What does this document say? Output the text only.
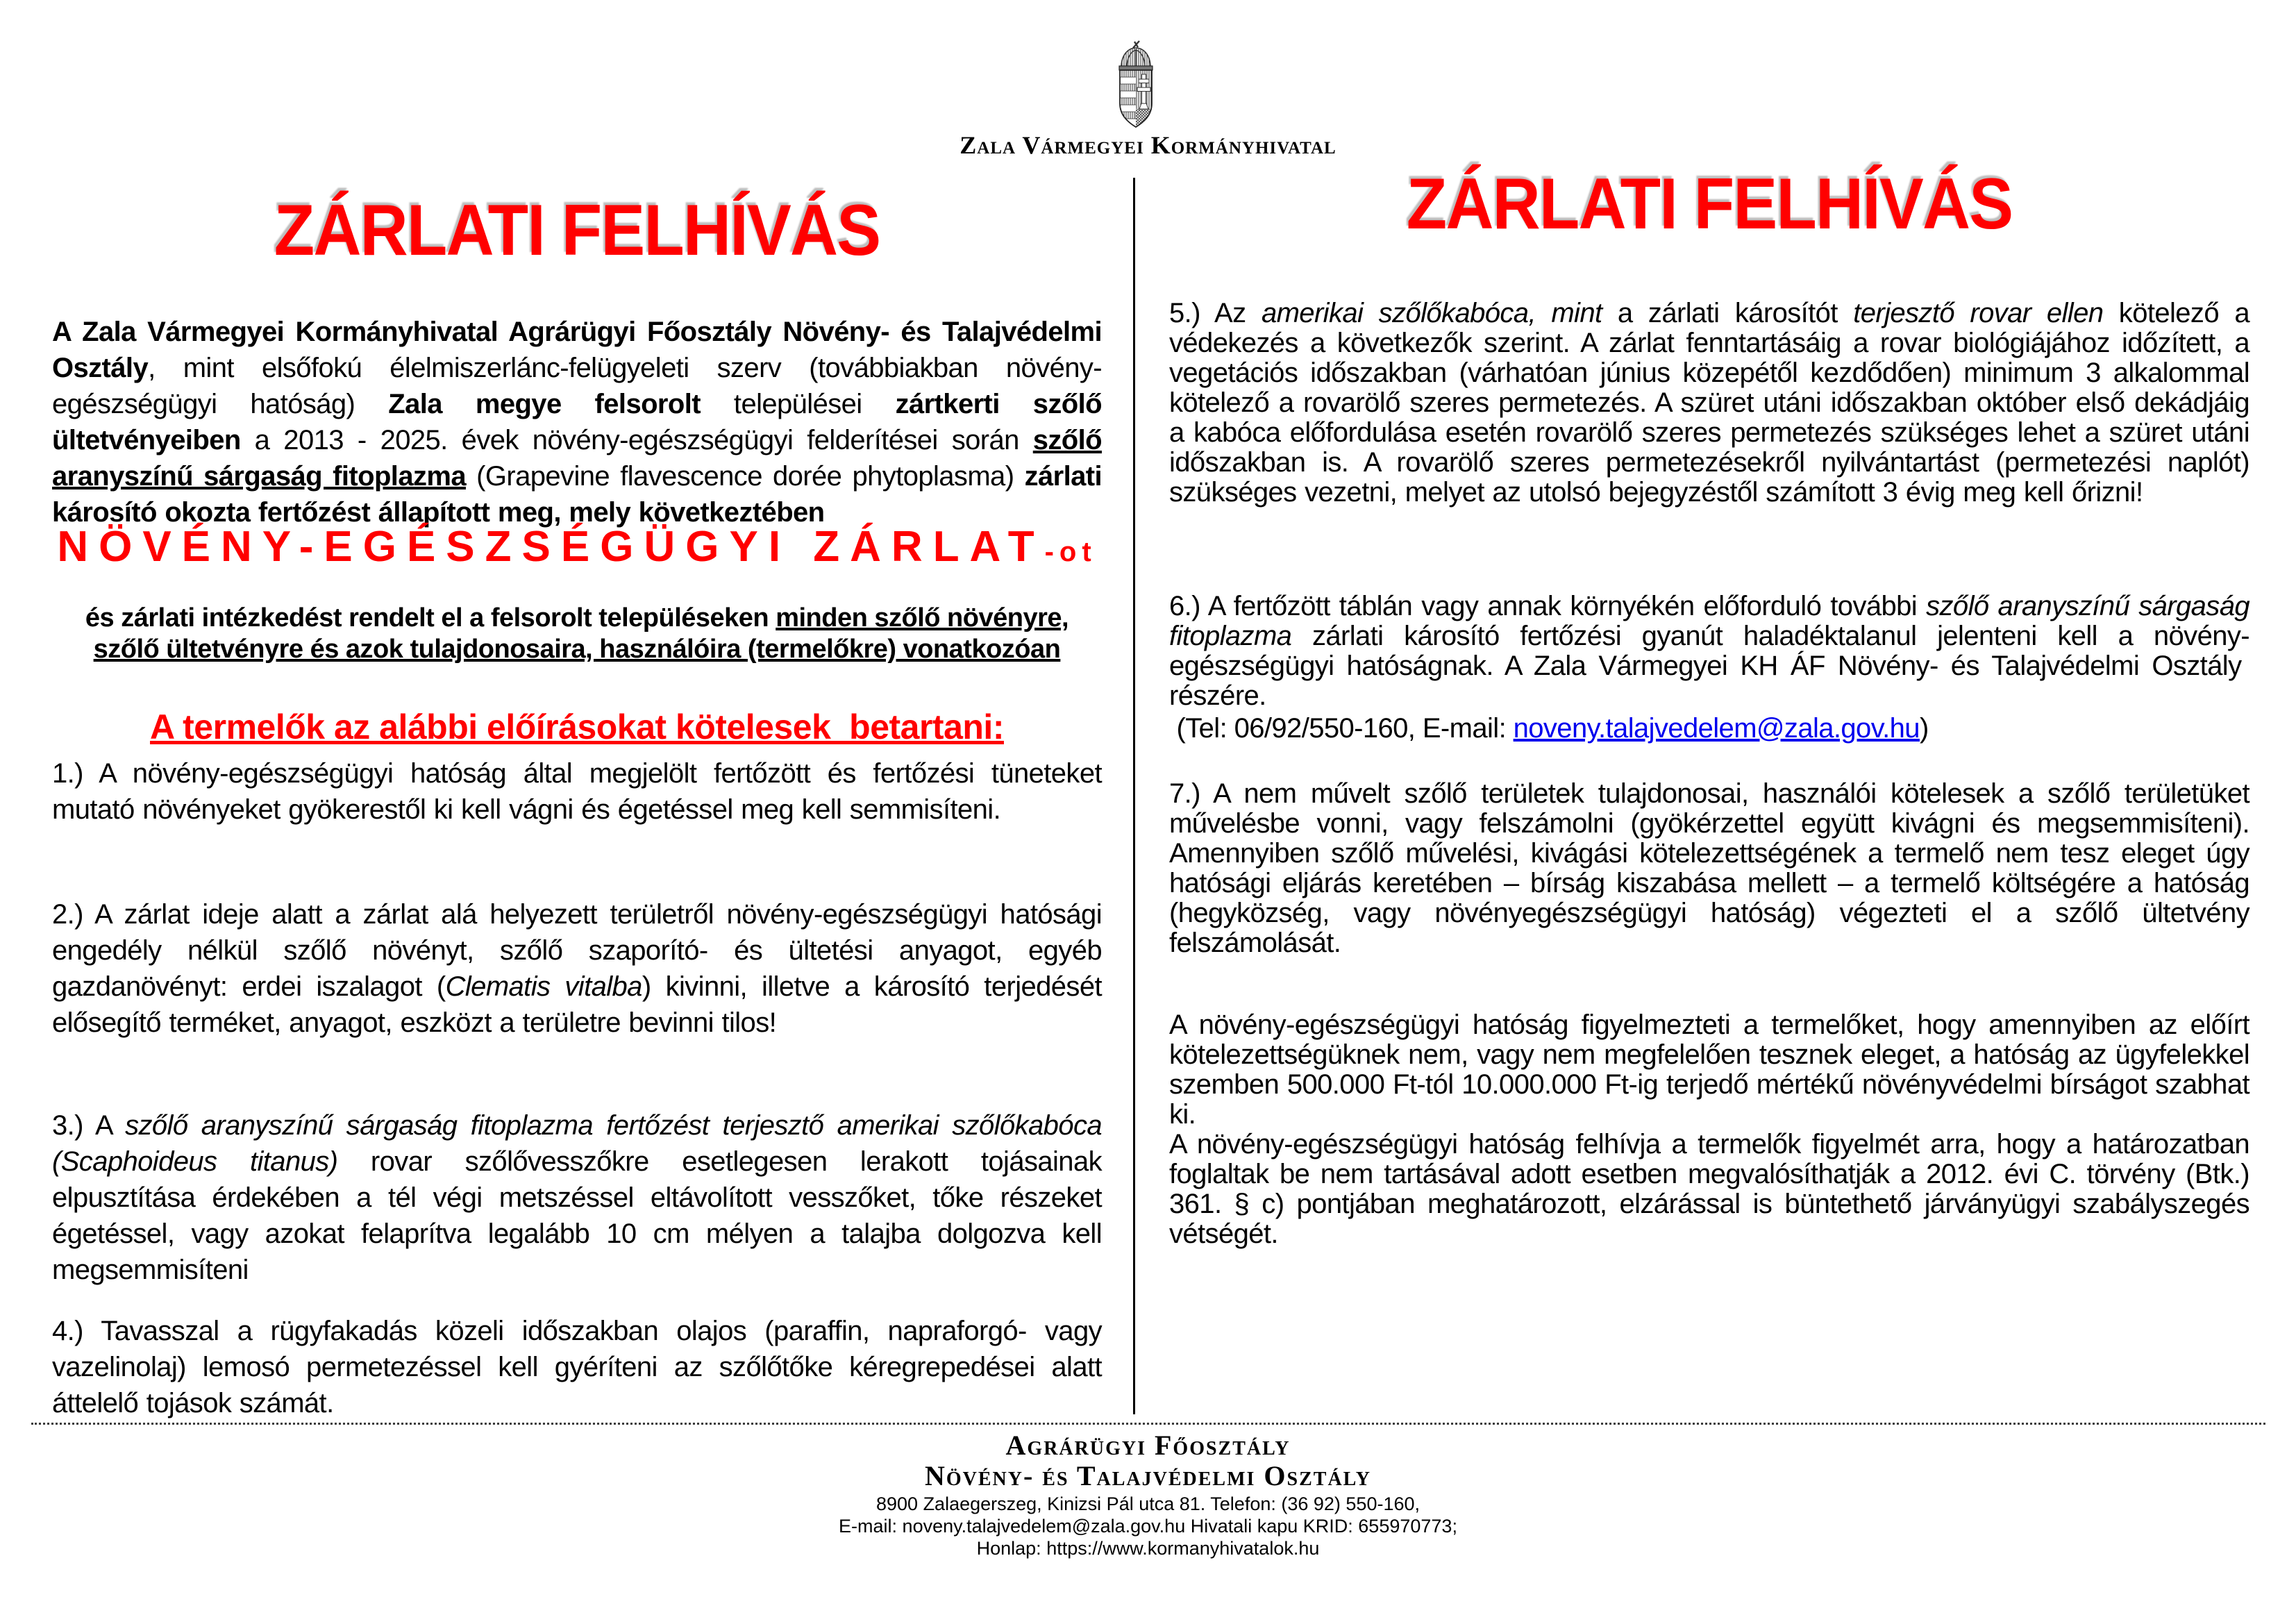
Zala Vármegyei Kormányhivatal
ZÁRLATI FELHÍVÁS
A Zala Vármegyei Kormányhivatal Agrárügyi Főosztály Növény- és Talajvédelmi Osztály, mint elsőfokú élelmiszerlánc-felügyeleti szerv (továbbiakban növény-egészségügyi hatóság) Zala megye felsorolt települései zártkerti szőlő ültetvényeiben a 2013 - 2025. évek növény-egészségügyi felderítései során szőlő aranyszínű sárgaság fitoplazma (Grapevine flavescence dorée phytoplasma) zárlati károsító okozta fertőzést állapított meg, mely következtében
NÖVÉNY-EGÉSZSÉGÜGYI ZÁRLAT-ot
és zárlati intézkedést rendelt el a felsorolt településeken minden szőlő növényre, szőlő ültetvényre és azok tulajdonosaira, használóira (termelőkre) vonatkozóan
A termelők az alábbi előírásokat kötelesek  betartani:
1.) A növény-egészségügyi hatóság által megjelölt fertőzött és fertőzési tüneteket mutató növényeket gyökerestől ki kell vágni és égetéssel meg kell semmisíteni.
2.) A zárlat ideje alatt a zárlat alá helyezett területről növény-egészségügyi hatósági engedély nélkül szőlő növényt, szőlő szaporító- és ültetési anyagot, egyéb gazdanövényt: erdei iszalagot (Clematis vitalba) kivinni, illetve a károsító terjedését elősegítő terméket, anyagot, eszközt a területre bevinni tilos!
3.) A szőlő aranyszínű sárgaság fitoplazma fertőzést terjesztő amerikai szőlőkabóca (Scaphoideus titanus) rovar szőlővesszőkre esetlegesen lerakott tojásainak elpusztítása érdekében a tél végi metszéssel eltávolított vesszőket, tőke részeket égetéssel, vagy azokat felaprítva legalább 10 cm mélyen a talajba dolgozva kell megsemmisíteni
4.) Tavasszal a rügyfakadás közeli időszakban olajos (paraffin, napraforgó- vagy vazelinolaj) lemosó permetezéssel kell gyéríteni az szőlőtőke kéregrepedései alatt áttelelő tojások számát.
ZÁRLATI FELHÍVÁS
5.) Az amerikai szőlőkabóca, mint a zárlati károsítót terjesztő rovar ellen kötelező a védekezés a következők szerint. A zárlat fenntartásáig a rovar biológiájához időzített, a vegetációs időszakban (várhatóan június közepétől kezdődően) minimum 3 alkalommal kötelező a rovarölő szeres permetezés. A szüret utáni időszakban október első dekádjáig a kabóca előfordulása esetén rovarölő szeres permetezés szükséges lehet a szüret utáni időszakban is. A rovarölő szeres permetezésekről nyilvántartást (permetezési naplót) szükséges vezetni, melyet az utolsó bejegyzéstől számított 3 évig meg kell őrizni!
6.) A fertőzött táblán vagy annak környékén előforduló további szőlő aranyszínű sárgaság fitoplazma zárlati károsító fertőzési gyanút haladéktalanul jelenteni kell a növény-egészségügyi hatóságnak. A Zala Vármegyei KH ÁF Növény- és Talajvédelmi Osztály  részére.
(Tel: 06/92/550-160, E-mail: noveny.talajvedelem@zala.gov.hu)
7.) A nem művelt szőlő területek tulajdonosai, használói kötelesek a szőlő területüket művelésbe vonni, vagy felszámolni (gyökérzettel együtt kivágni és megsemmisíteni). Amennyiben szőlő művelési, kivágási kötelezettségének a termelő nem tesz eleget úgy hatósági eljárás keretében – bírság kiszabása mellett – a termelő költségére a hatóság (hegyközség, vagy növényegészségügyi hatóság) végezteti el a szőlő ültetvény felszámolását.
A növény-egészségügyi hatóság figyelmezteti a termelőket, hogy amennyiben az előírt kötelezettségüknek nem, vagy nem megfelelően tesznek eleget, a hatóság az ügyfelekkel szemben 500.000 Ft-tól 10.000.000 Ft-ig terjedő mértékű növényvédelmi bírságot szabhat ki.
A növény-egészségügyi hatóság felhívja a termelők figyelmét arra, hogy a határozatban foglaltak be nem tartásával adott esetben megvalósíthatják a 2012. évi C. törvény (Btk.) 361. § c) pontjában meghatározott, elzárással is büntethető járványügyi szabályszegés vétségét.
Agrárügyi Főosztály
Növény- és Talajvédelmi Osztály
8900 Zalaegerszeg, Kinizsi Pál utca 81. Telefon: (36 92) 550-160,
E-mail: noveny.talajvedelem@zala.gov.hu Hivatali kapu KRID: 655970773;
Honlap: https://www.kormanyhivatalok.hu
